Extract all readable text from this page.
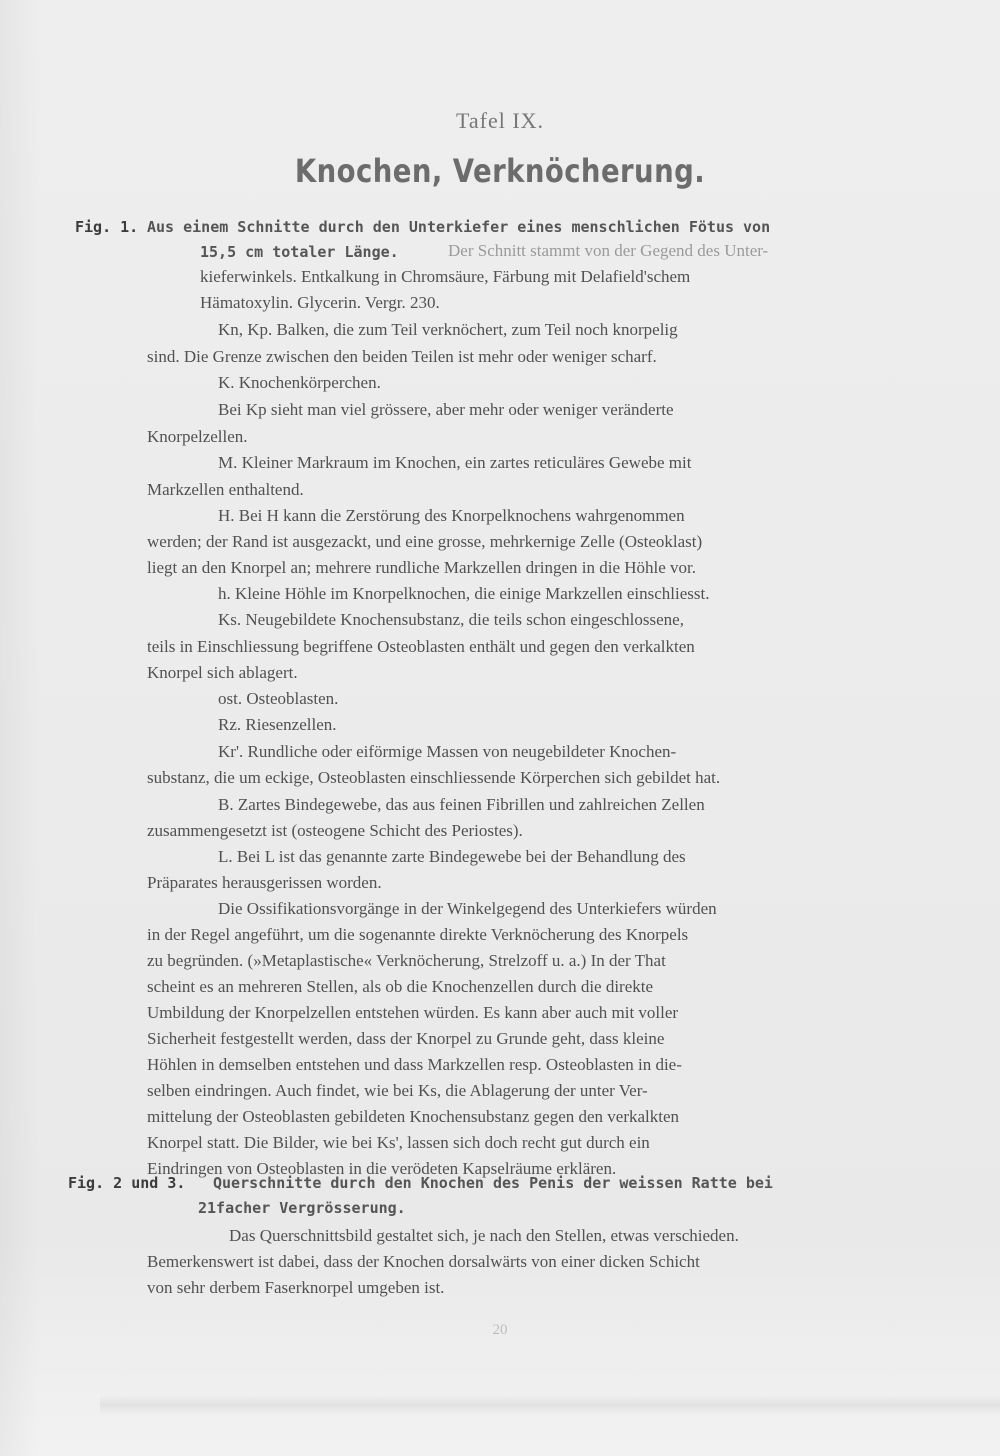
Tafel IX.
Knochen, Verknöcherung.
Fig. 1. Aus einem Schnitte durch den Unterkiefer eines menschlichen Fötus von
15,5 cm totaler Länge.	Der Schnitt stammt von der Gegend des Unter-
kieferwinkels. Entkalkung in Chromsäure, Färbung mit Delafield'schem
Hämatoxylin. Glycerin. Vergr. 230.
Kn, Kp. Balken, die zum Teil verknöchert, zum Teil noch knorpelig
sind. Die Grenze zwischen den beiden Teilen ist mehr oder weniger scharf.
K. Knochenkörperchen.
Bei Kp sieht man viel grössere, aber mehr oder weniger veränderte
Knorpelzellen.
M. Kleiner Markraum im Knochen, ein zartes reticuläres Gewebe mit
Markzellen enthaltend.
H. Bei H kann die Zerstörung des Knorpelknochens wahrgenommen
werden; der Rand ist ausgezackt, und eine grosse, mehrkernige Zelle (Osteoklast)
liegt an den Knorpel an; mehrere rundliche Markzellen dringen in die Höhle vor.
h. Kleine Höhle im Knorpelknochen, die einige Markzellen einschliesst.
Ks. Neugebildete Knochensubstanz, die teils schon eingeschlossene,
teils in Einschliessung begriffene Osteoblasten enthält und gegen den verkalkten
Knorpel sich ablagert.
ost. Osteoblasten.
Rz. Riesenzellen.
Kr'. Rundliche oder eiförmige Massen von neugebildeter Knochen-
substanz, die um eckige, Osteoblasten einschliessende Körperchen sich gebildet hat.
B. Zartes Bindegewebe, das aus feinen Fibrillen und zahlreichen Zellen
zusammengesetzt ist (osteogene Schicht des Periostes).
L. Bei L ist das genannte zarte Bindegewebe bei der Behandlung des
Präparates herausgerissen worden.
Die Ossifikationsvorgänge in der Winkelgegend des Unterkiefers würden
in der Regel angeführt, um die sogenannte direkte Verknöcherung des Knorpels
zu begründen. (»Metaplastische« Verknöcherung, Strelzoff u. a.) In der That
scheint es an mehreren Stellen, als ob die Knochenzellen durch die direkte
Umbildung der Knorpelzellen entstehen würden. Es kann aber auch mit voller
Sicherheit festgestellt werden, dass der Knorpel zu Grunde geht, dass kleine
Höhlen in demselben entstehen und dass Markzellen resp. Osteoblasten in die-
selben eindringen. Auch findet, wie bei Ks, die Ablagerung der unter Ver-
mittelung der Osteoblasten gebildeten Knochensubstanz gegen den verkalkten
Knorpel statt. Die Bilder, wie bei Ks', lassen sich doch recht gut durch ein
Eindringen von Osteoblasten in die verödeten Kapselräume erklären.
Fig. 2 und 3. Querschnitte durch den Knochen des Penis der weissen Ratte bei
21facher Vergrösserung.
Das Querschnittsbild gestaltet sich, je nach den Stellen, etwas verschieden.
Bemerkenswert ist dabei, dass der Knochen dorsalwärts von einer dicken Schicht
von sehr derbem Faserknorpel umgeben ist.
20
